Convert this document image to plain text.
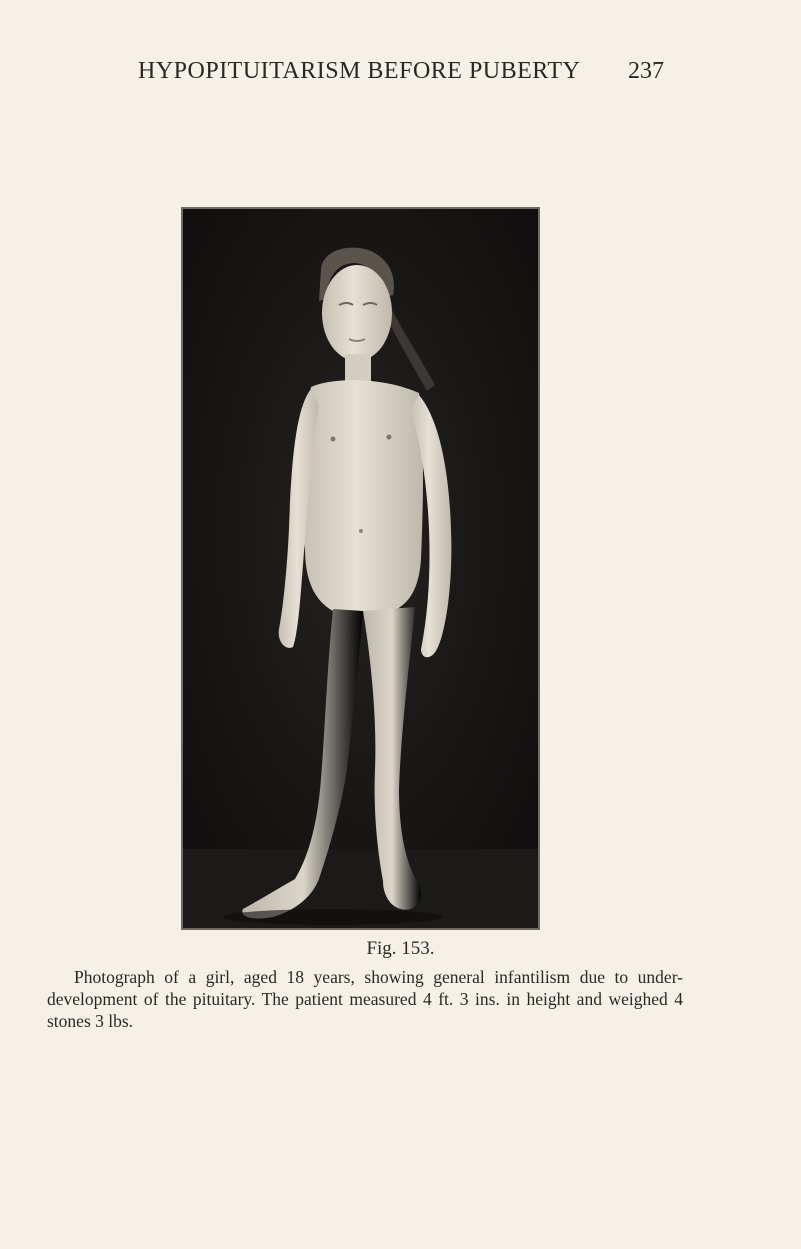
HYPOPITUITARISM BEFORE PUBERTY 237
Fig. 153.
Photograph of a girl, aged 18 years, showing general infantilism due to under-development of the pituitary. The patient measured 4 ft. 3 ins. in height and weighed 4 stones 3 lbs.
